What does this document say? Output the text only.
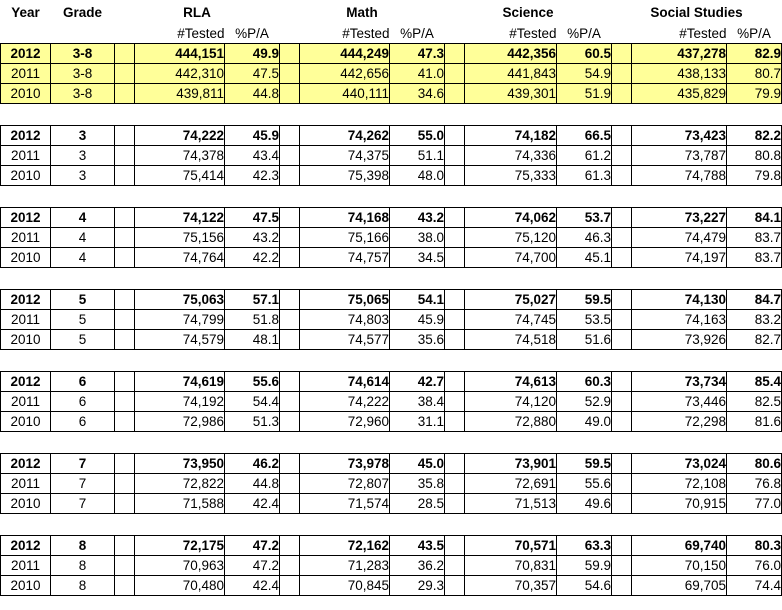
Year	Grade	RLA			Math			Science			Social Studies		
			#Tested	%P/A		#Tested	%P/A		#Tested	%P/A		#Tested	%P/A
2012	3-8		444,151	49.9		444,249	47.3		442,356	60.5		437,278	82.9
2011	3-8		442,310	47.5		442,656	41.0		441,843	54.9		438,133	80.7
2010	3-8		439,811	44.8		440,111	34.6		439,301	51.9		435,829	79.9

2012	3		74,222	45.9		74,262	55.0		74,182	66.5		73,423	82.2
2011	3		74,378	43.4		74,375	51.1		74,336	61.2		73,787	80.8
2010	3		75,414	42.3		75,398	48.0		75,333	61.3		74,788	79.8

2012	4		74,122	47.5		74,168	43.2		74,062	53.7		73,227	84.1
2011	4		75,156	43.2		75,166	38.0		75,120	46.3		74,479	83.7
2010	4		74,764	42.2		74,757	34.5		74,700	45.1		74,197	83.7

2012	5		75,063	57.1		75,065	54.1		75,027	59.5		74,130	84.7
2011	5		74,799	51.8		74,803	45.9		74,745	53.5		74,163	83.2
2010	5		74,579	48.1		74,577	35.6		74,518	51.6		73,926	82.7

2012	6		74,619	55.6		74,614	42.7		74,613	60.3		73,734	85.4
2011	6		74,192	54.4		74,222	38.4		74,120	52.9		73,446	82.5
2010	6		72,986	51.3		72,960	31.1		72,880	49.0		72,298	81.6

2012	7		73,950	46.2		73,978	45.0		73,901	59.5		73,024	80.6
2011	7		72,822	44.8		72,807	35.8		72,691	55.6		72,108	76.8
2010	7		71,588	42.4		71,574	28.5		71,513	49.6		70,915	77.0

2012	8		72,175	47.2		72,162	43.5		70,571	63.3		69,740	80.3
2011	8		70,963	47.2		71,283	36.2		70,831	59.9		70,150	76.0
2010	8		70,480	42.4		70,845	29.3		70,357	54.6		69,705	74.4
